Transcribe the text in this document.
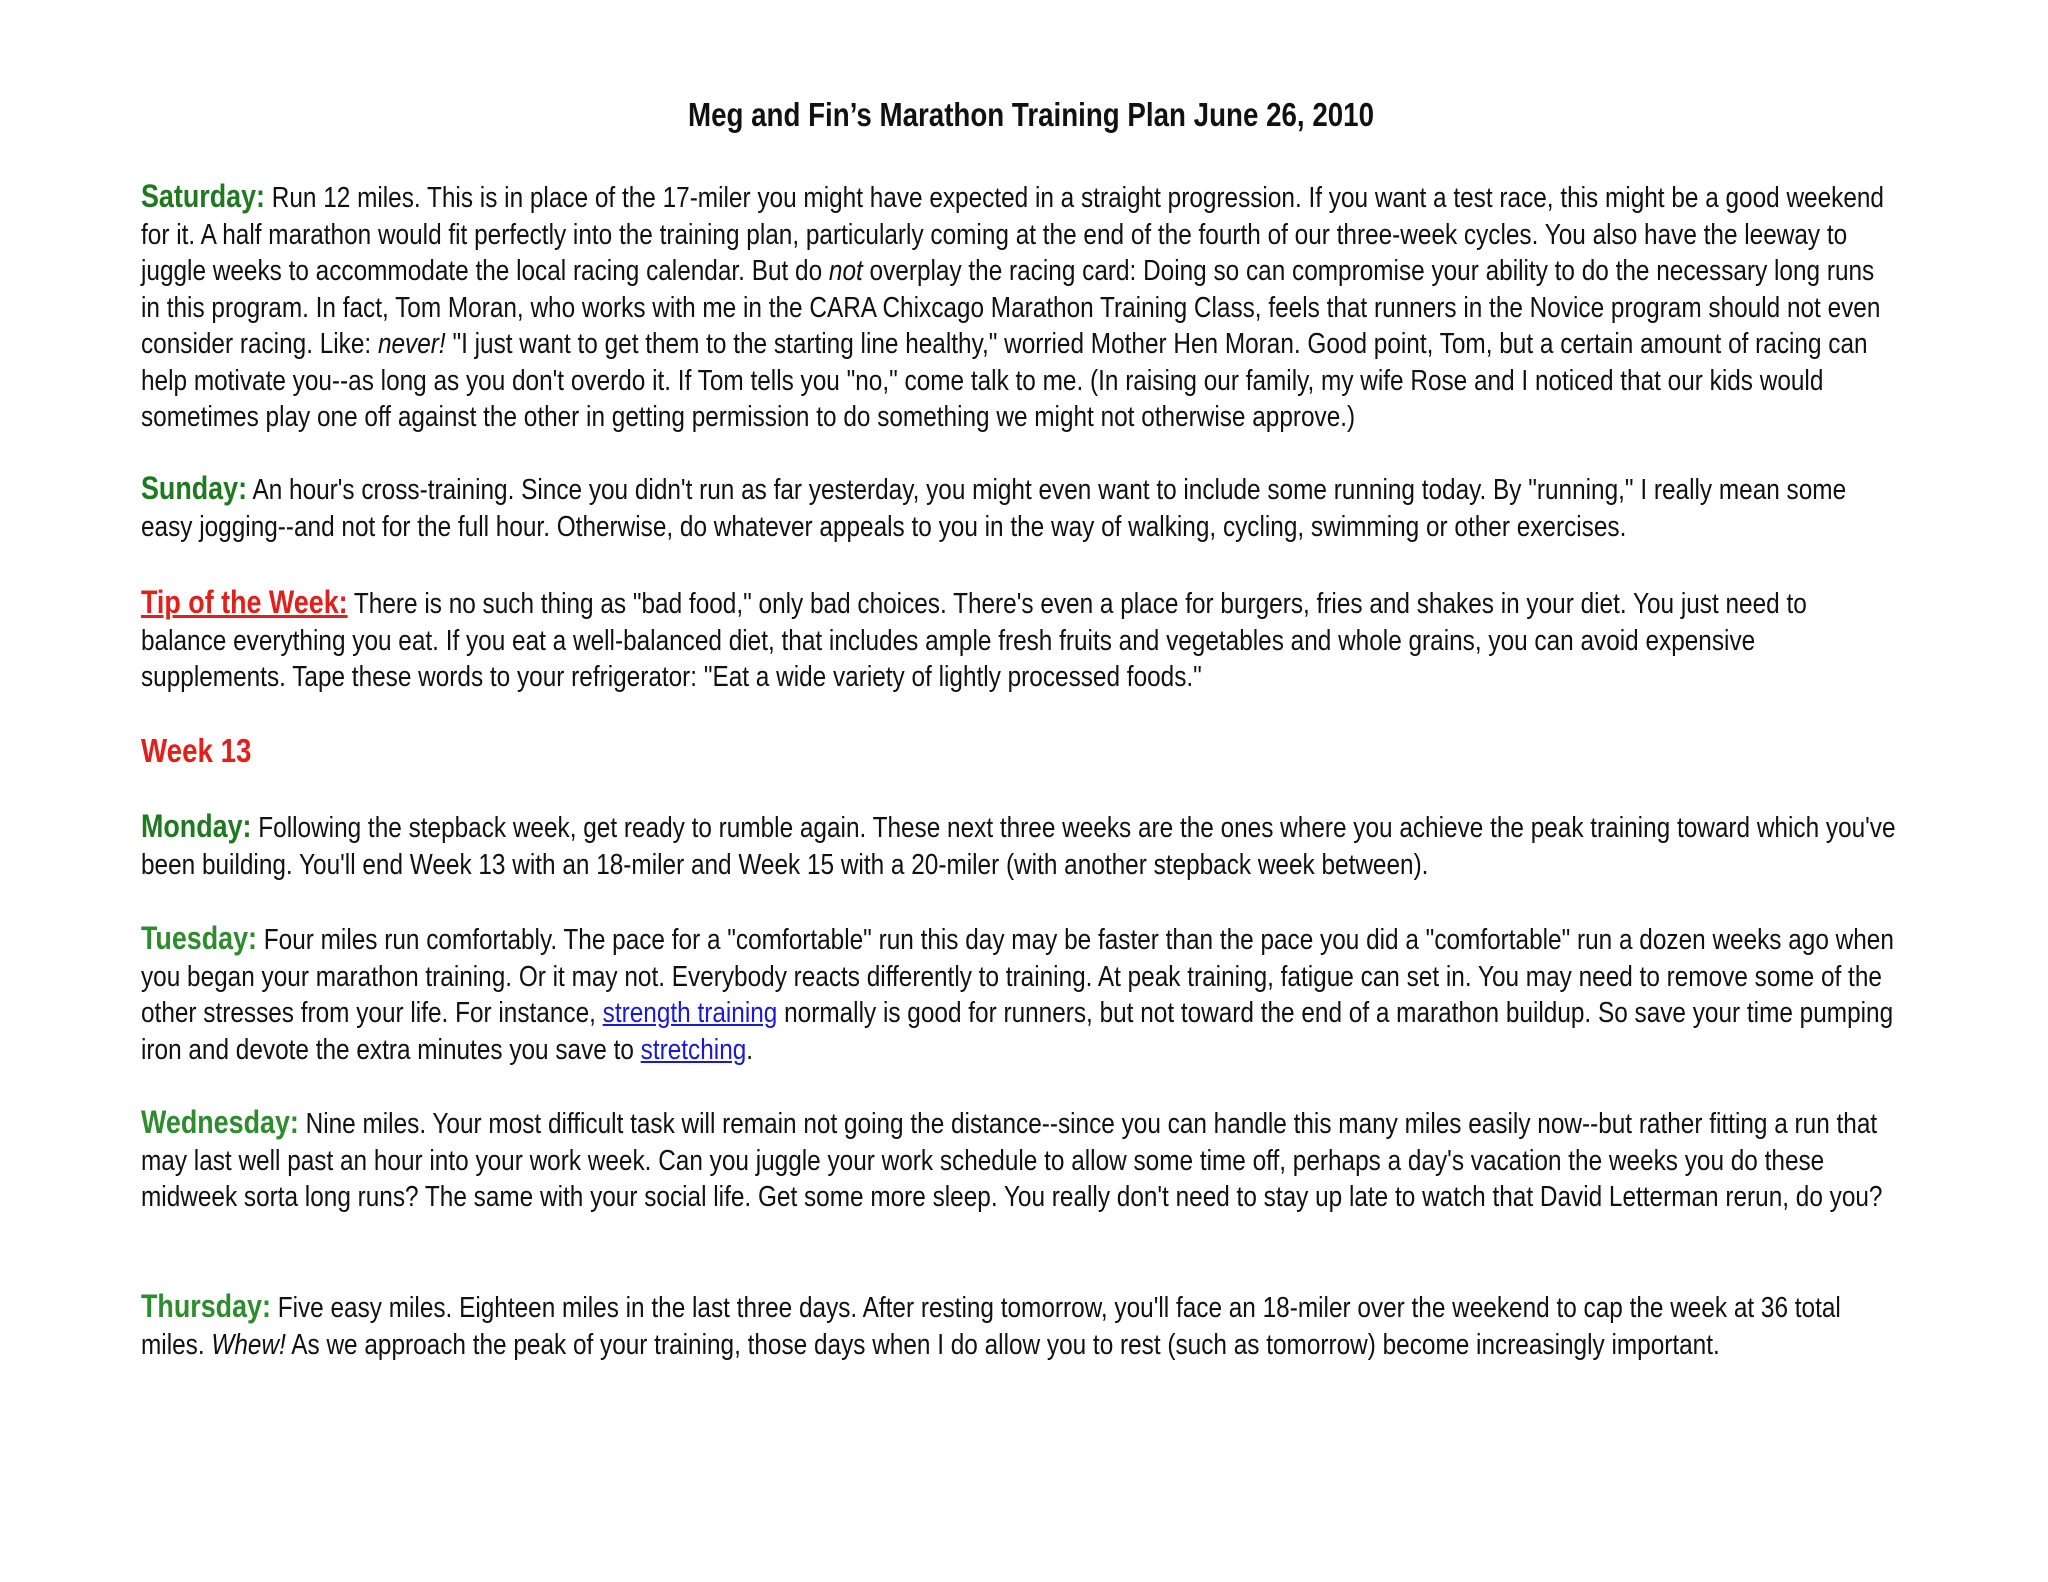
Meg and Fin’s Marathon Training Plan June 26, 2010
Saturday: Run 12 miles. This is in place of the 17-miler you might have expected in a straight progression. If you want a test race, this might be a good weekend for it. A half marathon would fit perfectly into the training plan, particularly coming at the end of the fourth of our three-week cycles. You also have the leeway to juggle weeks to accommodate the local racing calendar. But do not overplay the racing card: Doing so can compromise your ability to do the necessary long runs in this program. In fact, Tom Moran, who works with me in the CARA Chixcago Marathon Training Class, feels that runners in the Novice program should not even consider racing. Like: never! "I just want to get them to the starting line healthy," worried Mother Hen Moran. Good point, Tom, but a certain amount of racing can help motivate you--as long as you don't overdo it. If Tom tells you "no," come talk to me. (In raising our family, my wife Rose and I noticed that our kids would sometimes play one off against the other in getting permission to do something we might not otherwise approve.)
Sunday: An hour's cross-training. Since you didn't run as far yesterday, you might even want to include some running today. By "running," I really mean some easy jogging--and not for the full hour. Otherwise, do whatever appeals to you in the way of walking, cycling, swimming or other exercises.
Tip of the Week: There is no such thing as "bad food," only bad choices. There's even a place for burgers, fries and shakes in your diet. You just need to balance everything you eat. If you eat a well-balanced diet, that includes ample fresh fruits and vegetables and whole grains, you can avoid expensive supplements. Tape these words to your refrigerator: "Eat a wide variety of lightly processed foods."
Week 13
Monday: Following the stepback week, get ready to rumble again. These next three weeks are the ones where you achieve the peak training toward which you've been building. You'll end Week 13 with an 18-miler and Week 15 with a 20-miler (with another stepback week between).
Tuesday: Four miles run comfortably. The pace for a "comfortable" run this day may be faster than the pace you did a "comfortable" run a dozen weeks ago when you began your marathon training. Or it may not. Everybody reacts differently to training. At peak training, fatigue can set in. You may need to remove some of the other stresses from your life. For instance, strength training normally is good for runners, but not toward the end of a marathon buildup. So save your time pumping iron and devote the extra minutes you save to stretching.
Wednesday: Nine miles. Your most difficult task will remain not going the distance--since you can handle this many miles easily now--but rather fitting a run that may last well past an hour into your work week. Can you juggle your work schedule to allow some time off, perhaps a day's vacation the weeks you do these midweek sorta long runs? The same with your social life. Get some more sleep. You really don't need to stay up late to watch that David Letterman rerun, do you?
Thursday: Five easy miles. Eighteen miles in the last three days. After resting tomorrow, you'll face an 18-miler over the weekend to cap the week at 36 total miles. Whew! As we approach the peak of your training, those days when I do allow you to rest (such as tomorrow) become increasingly important.
